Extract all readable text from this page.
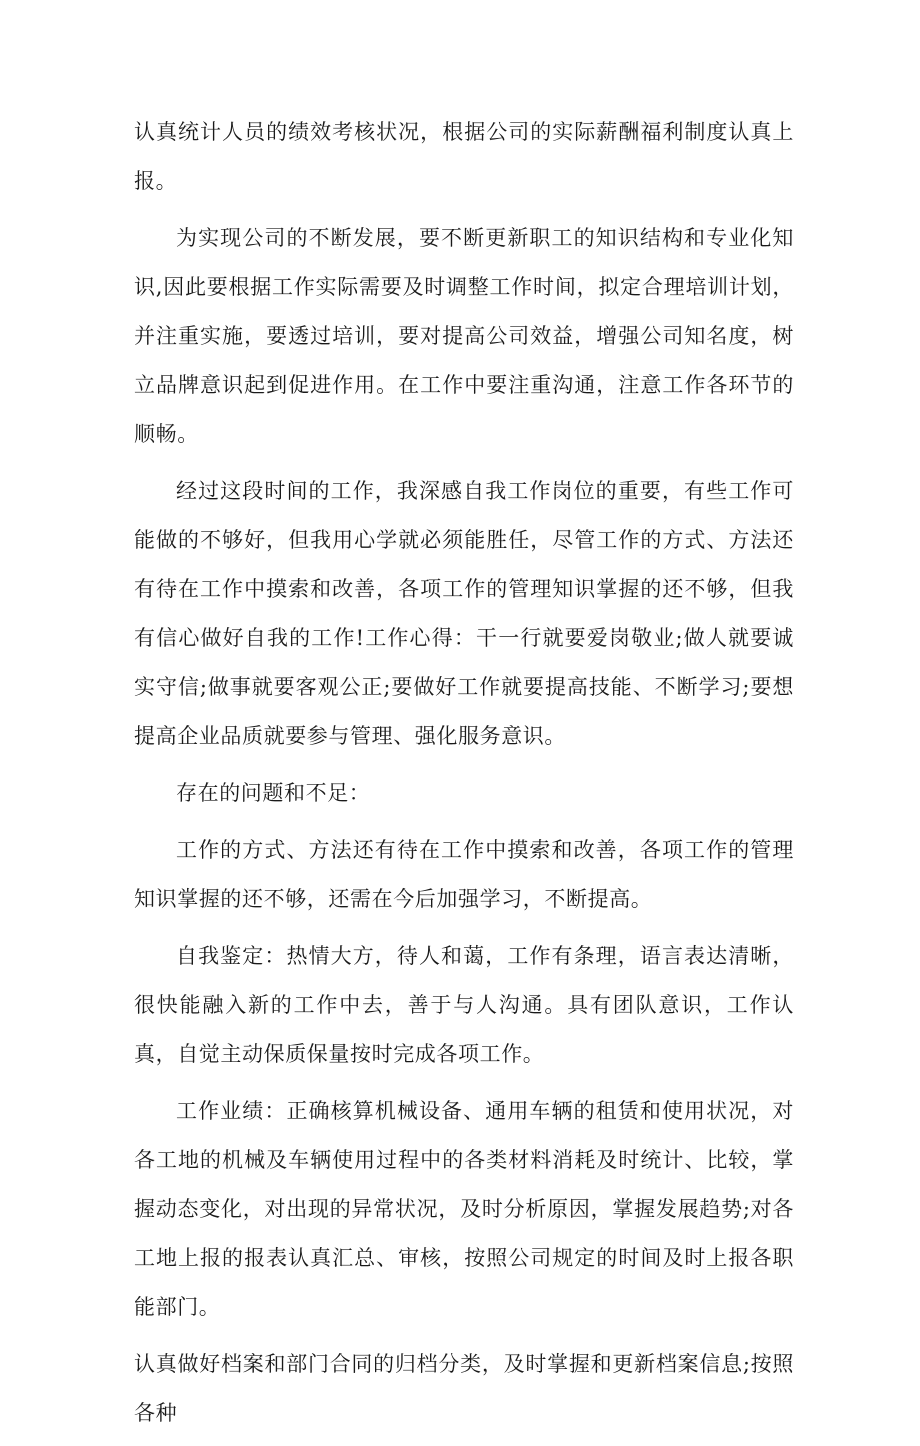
认真统计人员的绩效考核状况，根据公司的实际薪酬福利制度认真上报。

为实现公司的不断发展，要不断更新职工的知识结构和专业化知识,因此要根据工作实际需要及时调整工作时间，拟定合理培训计划，并注重实施，要透过培训，要对提高公司效益，增强公司知名度，树立品牌意识起到促进作用。在工作中要注重沟通，注意工作各环节的顺畅。

经过这段时间的工作，我深感自我工作岗位的重要，有些工作可能做的不够好，但我用心学就必须能胜任，尽管工作的方式、方法还有待在工作中摸索和改善，各项工作的管理知识掌握的还不够，但我有信心做好自我的工作!工作心得：干一行就要爱岗敬业;做人就要诚实守信;做事就要客观公正;要做好工作就要提高技能、不断学习;要想提高企业品质就要参与管理、强化服务意识。

存在的问题和不足：

工作的方式、方法还有待在工作中摸索和改善，各项工作的管理知识掌握的还不够，还需在今后加强学习，不断提高。

自我鉴定：热情大方，待人和蔼，工作有条理，语言表达清晰，很快能融入新的工作中去，善于与人沟通。具有团队意识，工作认真，自觉主动保质保量按时完成各项工作。

工作业绩：正确核算机械设备、通用车辆的租赁和使用状况，对各工地的机械及车辆使用过程中的各类材料消耗及时统计、比较，掌握动态变化，对出现的异常状况，及时分析原因，掌握发展趋势;对各工地上报的报表认真汇总、审核，按照公司规定的时间及时上报各职能部门。

认真做好档案和部门合同的归档分类，及时掌握和更新档案信息;按照各种
